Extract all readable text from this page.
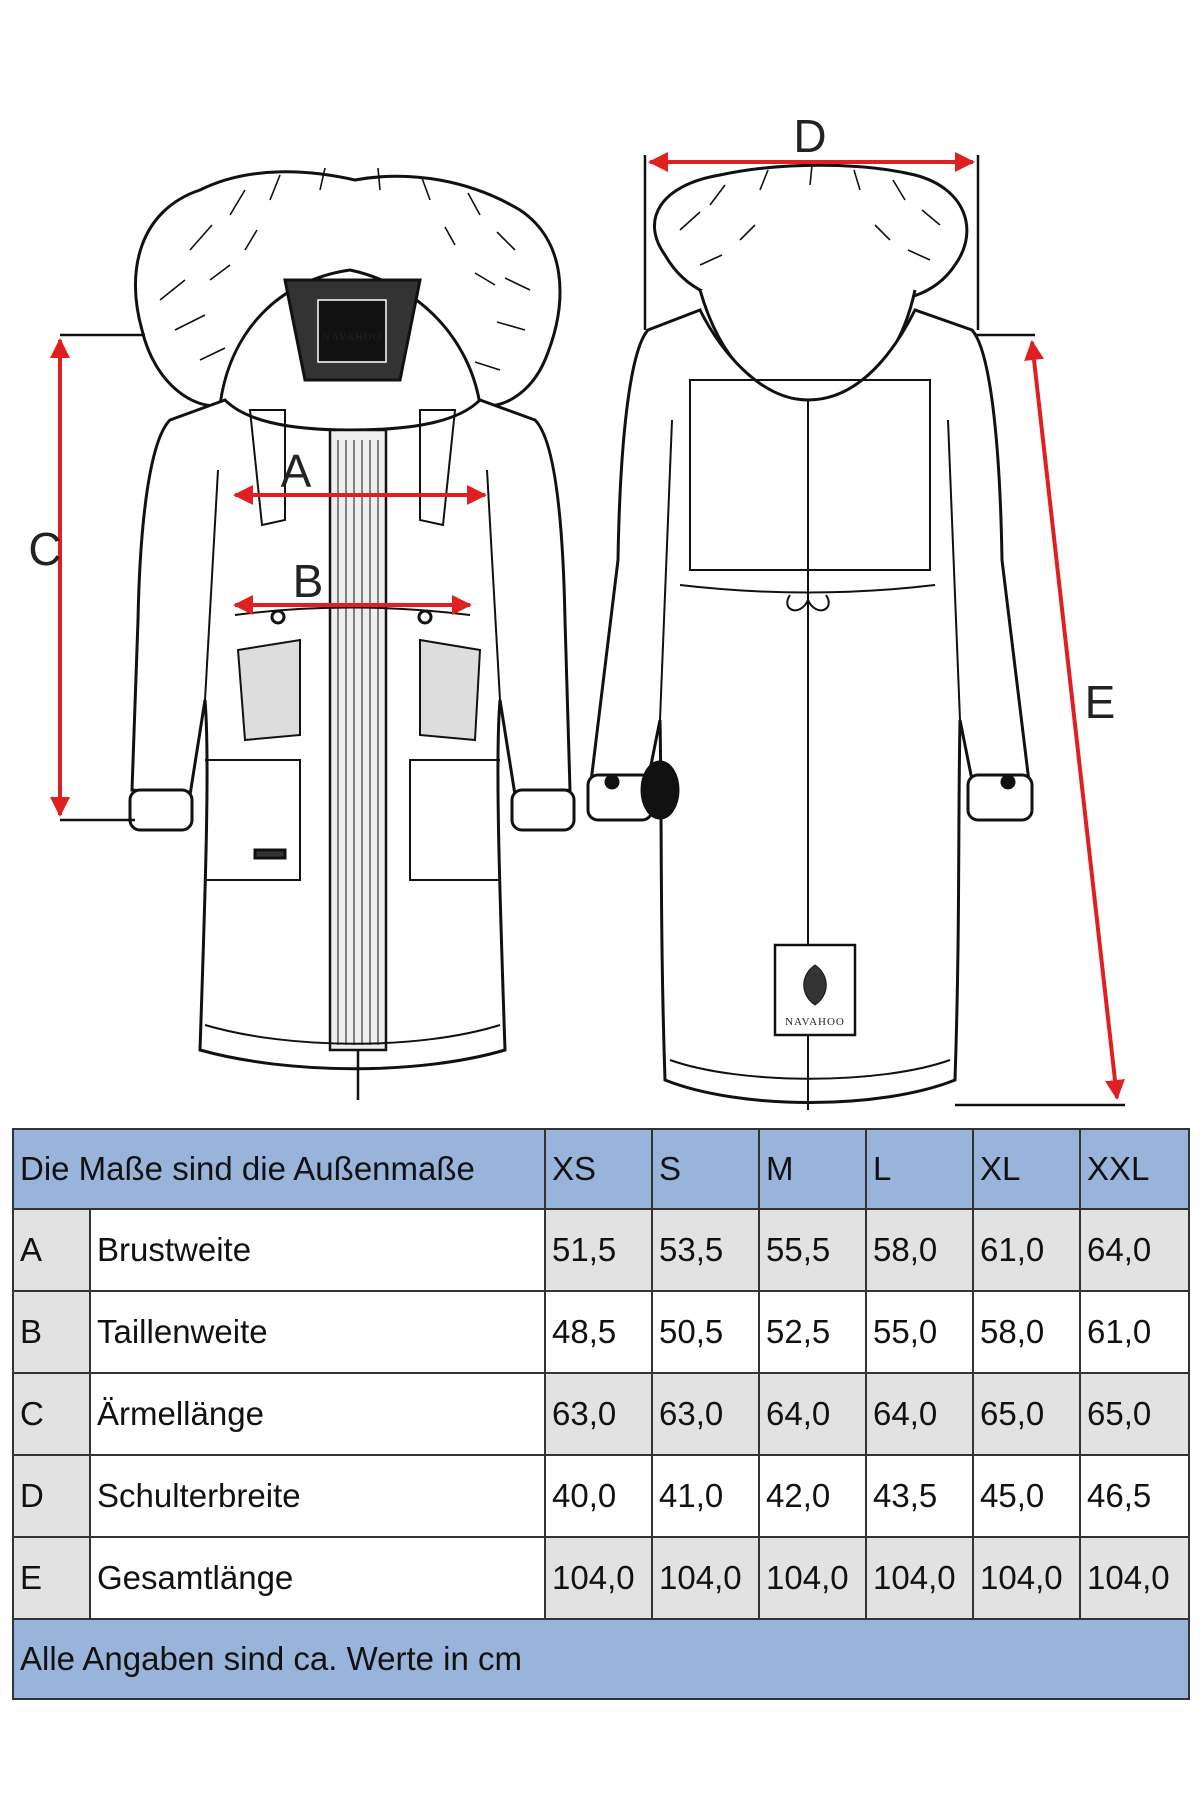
NAVAHOO
NAVAHOO
A
B
C
D
E
Die Maße sind die Außenmaße		XS	S	M	L	XL	XXL
A	Brustweite	51,5	53,5	55,5	58,0	61,0	64,0
B	Taillenweite	48,5	50,5	52,5	55,0	58,0	61,0
C	Ärmellänge	63,0	63,0	64,0	64,0	65,0	65,0
D	Schulterbreite	40,0	41,0	42,0	43,5	45,0	46,5
E	Gesamtlänge	104,0	104,0	104,0	104,0	104,0	104,0
Alle Angaben sind ca. Werte in cm							
